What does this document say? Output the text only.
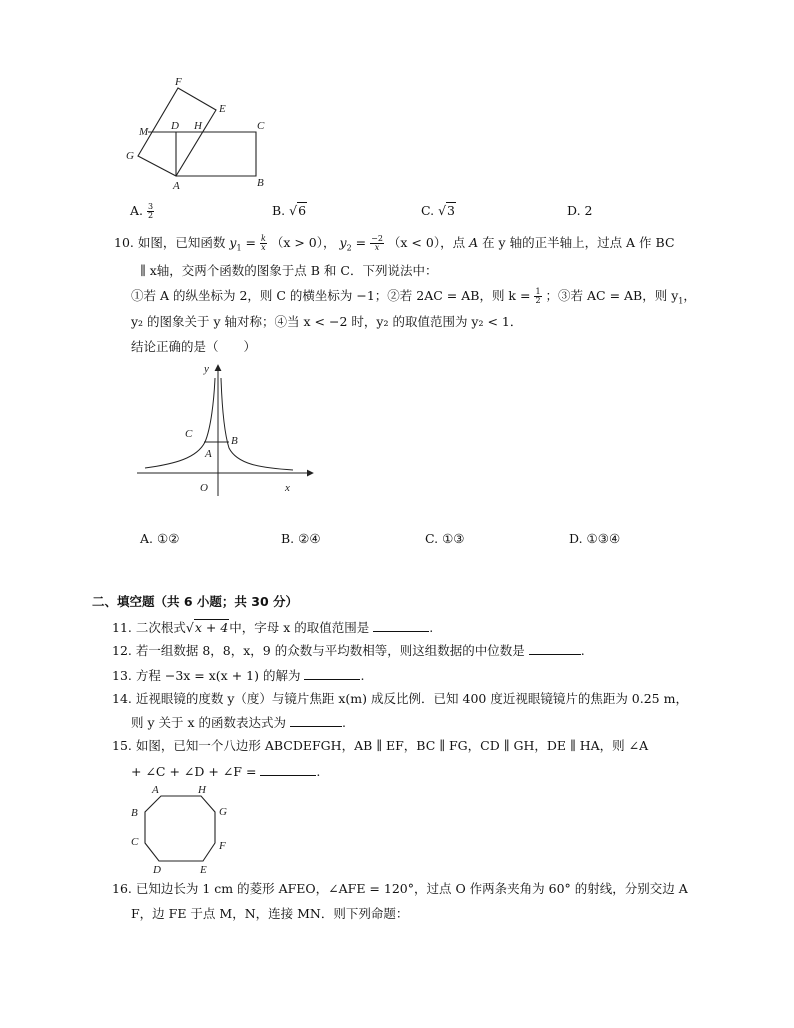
F
E
M D H	C
G
A	B
A. $\frac{3}{2}$	B. √6	C. √3	D. 2
10. 如图，已知函数 $y_1 = \frac{k}{x} (x > 0)$， $y_2 = \frac{-2}{x} (x < 0)$，点 A 在 y 轴的正半轴上，过点 A 作 BC
∥ x轴，交两个函数的图象于点 B 和 C．下列说法中：
①若 A 的纵坐标为 2，则 C 的横坐标为 −1；②若 2AC = AB，则 $k = \frac{1}{2}$ ；③若 AC = AB，则 $y_1$，
y₂ 的图象关于 y 轴对称；④当 x < −2 时，y₂ 的取值范围为 y₂ < 1．
结论正确的是（　　）
y
x
O
A
B
C
A. ①②	B. ②④	C. ①③	D. ①③④
二、填空题（共 6 小题；共 30 分）
11. 二次根式√x + 4中，字母 x 的取值范围是	.
12. 若一组数据 8，8，x，9 的众数与平均数相等，则这组数据的中位数是	.
13. 方程 −3x = x(x + 1) 的解为	.
14. 近视眼镜的度数 y（度）与镜片焦距 x(m) 成反比例．已知 400 度近视眼镜镜片的焦距为 0.25 m，
则 y 关于 x 的函数表达式为	.
15. 如图，已知一个八边形 ABCDEFGH，AB ∥ EF，BC ∥ FG，CD ∥ GH，DE ∥ HA，则 ∠A
+ ∠C + ∠D + ∠F =	.
A	H
B	G
C	F
D	E
16. 已知边长为 1 cm 的菱形 AFEO，∠AFE = 120°，过点 O 作两条夹角为 60° 的射线，分别交边 A
F，边 FE 于点 M，N，连接 MN．则下列命题：
